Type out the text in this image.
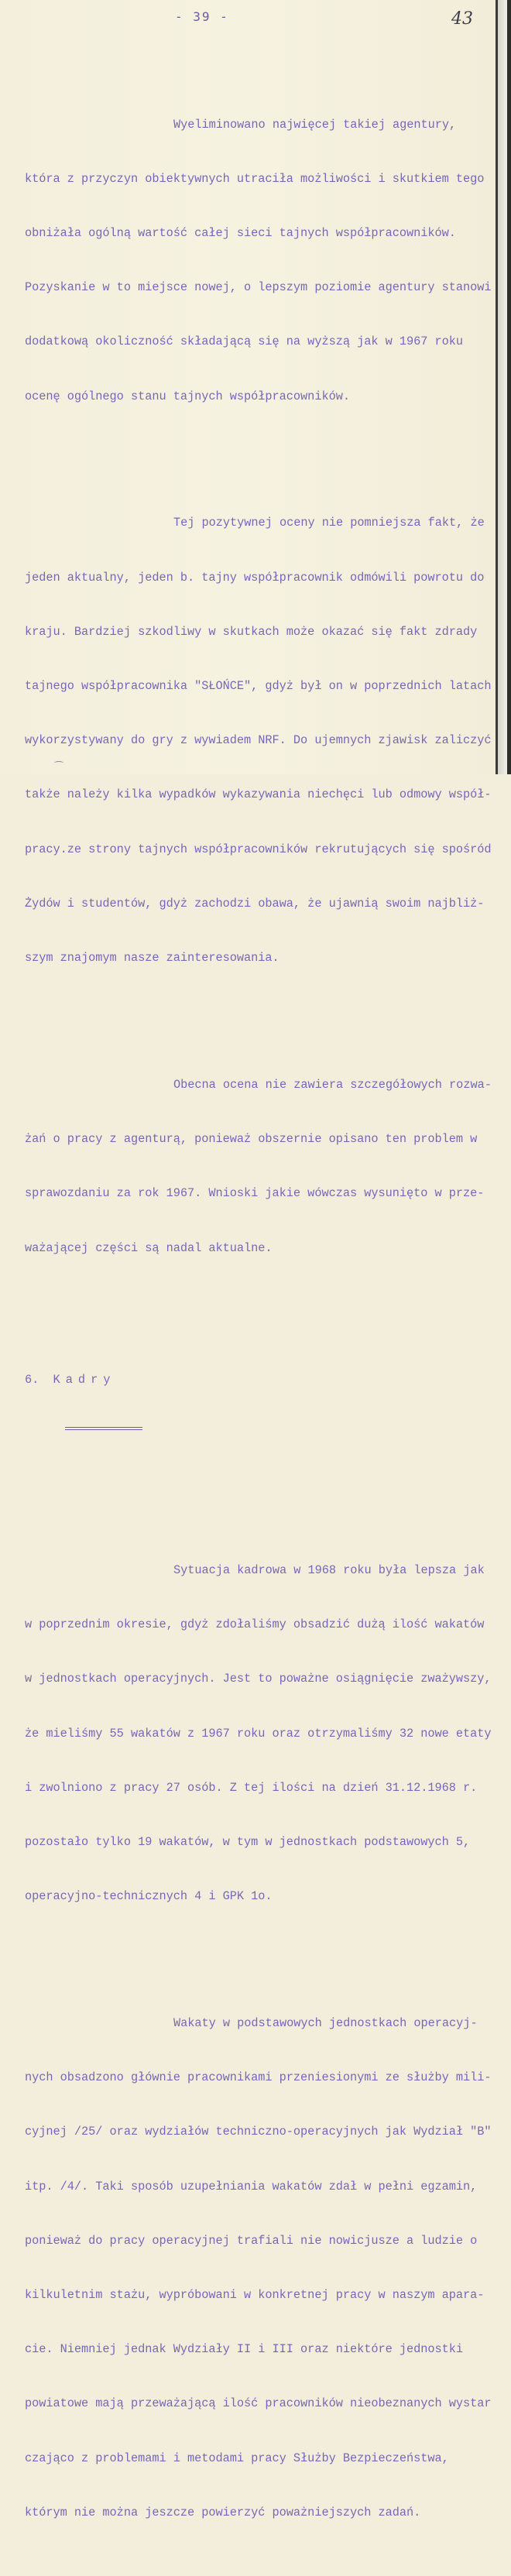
- 39 -	43

Wyeliminowano najwięcej takiej agentury,

która z przyczyn obiektywnych utraciła możliwości i skutkiem tego

obniżała ogólną wartość całej sieci tajnych współpracowników.

Pozyskanie w to miejsce nowej, o lepszym poziomie agentury stanowi

dodatkową okoliczność składającą się na wyższą jak w 1967 roku

ocenę ogólnego stanu tajnych współpracowników.

Tej pozytywnej oceny nie pomniejsza fakt, że

jeden aktualny, jeden b. tajny współpracownik odmówili powrotu do

kraju. Bardziej szkodliwy w skutkach może okazać się fakt zdrady

tajnego współpracownika "SŁOŃCE", gdyż był on w poprzednich latach

wykorzystywany do gry z wywiadem NRF. Do ujemnych zjawisk zaliczyć

także należy kilka wypadków wykazywania niechęci lub odmowy współ-

pracy.ze strony tajnych współpracowników rekrutujących się spośród

Żydów i studentów, gdyż zachodzi obawa, że ujawnią swoim najbliż-

szym znajomym nasze zainteresowania.

Obecna ocena nie zawiera szczegółowych rozwa-

żań o pracy z agenturą, ponieważ obszernie opisano ten problem w

sprawozdaniu za rok 1967. Wnioski jakie wówczas wysunięto w prze-

ważającej części są nadal aktualne.

6. Kadry

Sytuacja kadrowa w 1968 roku była lepsza jak

w poprzednim okresie, gdyż zdołaliśmy obsadzić dużą ilość wakatów

w jednostkach operacyjnych. Jest to poważne osiągnięcie zważywszy,

że mieliśmy 55 wakatów z 1967 roku oraz otrzymaliśmy 32 nowe etaty

i zwolniono z pracy 27 osób. Z tej ilości na dzień 31.12.1968 r.

pozostało tylko 19 wakatów, w tym w jednostkach podstawowych 5,

operacyjno-technicznych 4 i GPK 1o.

Wakaty w podstawowych jednostkach operacyj-

nych obsadzono głównie pracownikami przeniesionymi ze służby mili-

cyjnej /25/ oraz wydziałów techniczno-operacyjnych jak Wydział "B"

itp. /4/. Taki sposób uzupełniania wakatów zdał w pełni egzamin,

ponieważ do pracy operacyjnej trafiali nie nowicjusze a ludzie o

kilkuletnim stażu, wypróbowani w konkretnej pracy w naszym apara-

cie. Niemniej jednak Wydziały II i III oraz niektóre jednostki

powiatowe mają przeważającą ilość pracowników nieobeznanych wystar

czająco z problemami i metodami pracy Służby Bezpieczeństwa,

którym nie można jeszcze powierzyć poważniejszych zadań.
